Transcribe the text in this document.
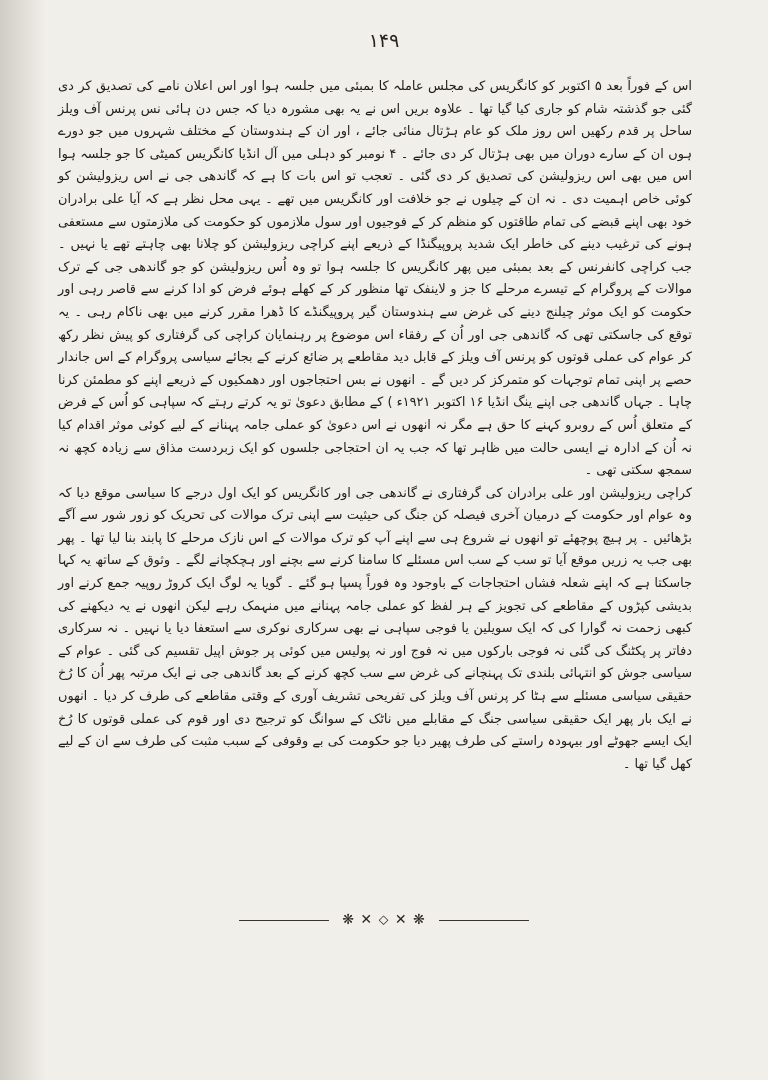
۱۴۹

اس کے فوراً بعد ۵ اکتوبر کو کانگریس کی مجلس عاملہ کا بمبئی میں جلسہ ہوا اور اس اعلان نامے کی تصدیق کر دی گئی جو گذشتہ شام کو جاری کیا گیا تھا ۔ علاوہ بریں اس نے یہ بھی مشورہ دیا کہ جس دن ہائی نس پرنس آف ویلز ساحل پر قدم رکھیں اس روز ملک کو عام ہڑتال منائی جائے ، اور ان کے ہندوستان کے مختلف شہروں میں جو دورے ہوں ان کے سارے دوران میں بھی ہڑتال کر دی جائے ۔ ۴ نومبر کو دہلی میں آل انڈیا کانگریس کمیٹی کا جو جلسہ ہوا اس میں بھی اس ریزولیشن کی تصدیق کر دی گئی ۔ تعجب تو اس بات کا ہے کہ گاندھی جی نے اس ریزولیشن کو کوئی خاص اہمیت دی ۔ نہ ان کے چیلوں نے جو خلافت اور کانگریس میں تھے ۔ یہی محل نظر ہے کہ آیا علی برادران خود بھی اپنے قبضے کی تمام طاقتوں کو منظم کر کے فوجیوں اور سول ملازموں کو حکومت کی ملازمتوں سے مستعفی ہونے کی ترغیب دینے کی خاطر ایک شدید پروپیگنڈا کے ذریعے اپنے کراچی ریزولیشن کو چلانا بھی چاہتے تھے یا نہیں ۔ جب کراچی کانفرنس کے بعد بمبئی میں پھر کانگریس کا جلسہ ہوا تو وہ اُس ریزولیشن کو جو گاندھی جی کے ترک موالات کے پروگرام کے تیسرے مرحلے کا جز و لاینفک تھا منظور کر کے کھلے ہوئے فرض کو ادا کرنے سے قاصر رہی اور حکومت کو ایک موثر چیلنج دینے کی غرض سے ہندوستان گیر پروپیگنڈے کا ڈھرا مقرر کرنے میں بھی ناکام رہی ۔ یہ توقع کی جاسکتی تھی کہ گاندھی جی اور اُن کے رفقاء اس موضوع پر رہنمایان کراچی کی گرفتاری کو پیش نظر رکھ کر عوام کی عملی قوتوں کو پرنس آف ویلز کے قابل دید مقاطعے پر ضائع کرنے کے بجائے سیاسی پروگرام کے اس جاندار حصے پر اپنی تمام توجہات کو متمرکز کر دیں گے ۔ انھوں نے بس احتجاجوں اور دھمکیوں کے ذریعے اپنے کو مطمئن کرنا چاہا ۔ جہاں گاندھی جی اپنے ینگ انڈیا ۱۶ اکتوبر ۱۹۲۱ء ) کے مطابق دعویٰ تو یہ کرتے رہتے کہ سپاہی کو اُس کے فرض کے متعلق اُس کے روبرو کہنے کا حق ہے مگر نہ انھوں نے اس دعویٰ کو عملی جامہ پہنانے کے لیے کوئی موثر اقدام کیا نہ اُن کے ادارہ نے ایسی حالت میں ظاہر تھا کہ جب یہ ان احتجاجی جلسوں کو ایک زبردست مذاق سے زیادہ کچھ نہ سمجھ سکتی تھی ۔

کراچی ریزولیشن اور علی برادران کی گرفتاری نے گاندھی جی اور کانگریس کو ایک اول درجے کا سیاسی موقع دیا کہ وہ عوام اور حکومت کے درمیان آخری فیصلہ کن جنگ کی حیثیت سے اپنی ترک موالات کی تحریک کو زور شور سے آگے بڑھائیں ۔ پر ہیچ پوچھئے تو انھوں نے شروع ہی سے اپنے آپ کو ترک موالات کے اس نازک مرحلے کا پابند بنا لیا تھا ۔ پھر بھی جب یہ زریں موقع آیا تو سب کے سب اس مسئلے کا سامنا کرنے سے بچنے اور ہچکچانے لگے ۔ وثوق کے ساتھ یہ کہا جاسکتا ہے کہ اپنے شعلہ فشاں احتجاجات کے باوجود وہ فوراً پسپا ہو گئے ۔ گویا یہ لوگ ایک کروڑ روپیہ جمع کرنے اور بدیشی کپڑوں کے مقاطعے کی تجویز کے ہر لفظ کو عملی جامہ پہنانے میں منہمک رہے لیکن انھوں نے یہ دیکھنے کی کبھی زحمت نہ گوارا کی کہ ایک سویلین یا فوجی سپاہی نے بھی سرکاری نوکری سے استعفا دیا یا نہیں ۔ نہ سرکاری دفاتر پر پکٹنگ کی گئی نہ فوجی بارکوں میں نہ فوج اور نہ پولیس میں کوئی پر جوش اپیل تقسیم کی گئی ۔ عوام کے سیاسی جوش کو انتہائی بلندی تک پہنچانے کی غرض سے سب کچھ کرنے کے بعد گاندھی جی نے ایک مرتبہ پھر اُن کا رُخ حقیقی سیاسی مسئلے سے ہٹا کر پرنس آف ویلز کی تفریحی تشریف آوری کے وقتی مقاطعے کی طرف کر دیا ۔ انھوں نے ایک بار پھر ایک حقیقی سیاسی جنگ کے مقابلے میں ناٹک کے سوانگ کو ترجیح دی اور قوم کی عملی قوتوں کا رُخ ایک ایسے جھوٹے اور بیہودہ راستے کی طرف پھیر دیا جو حکومت کی بے وقوفی کے سبب مثبت کی طرف سے ان کے لیے کھل گیا تھا ۔

❋ ✕ ⬦ ✕ ❋
